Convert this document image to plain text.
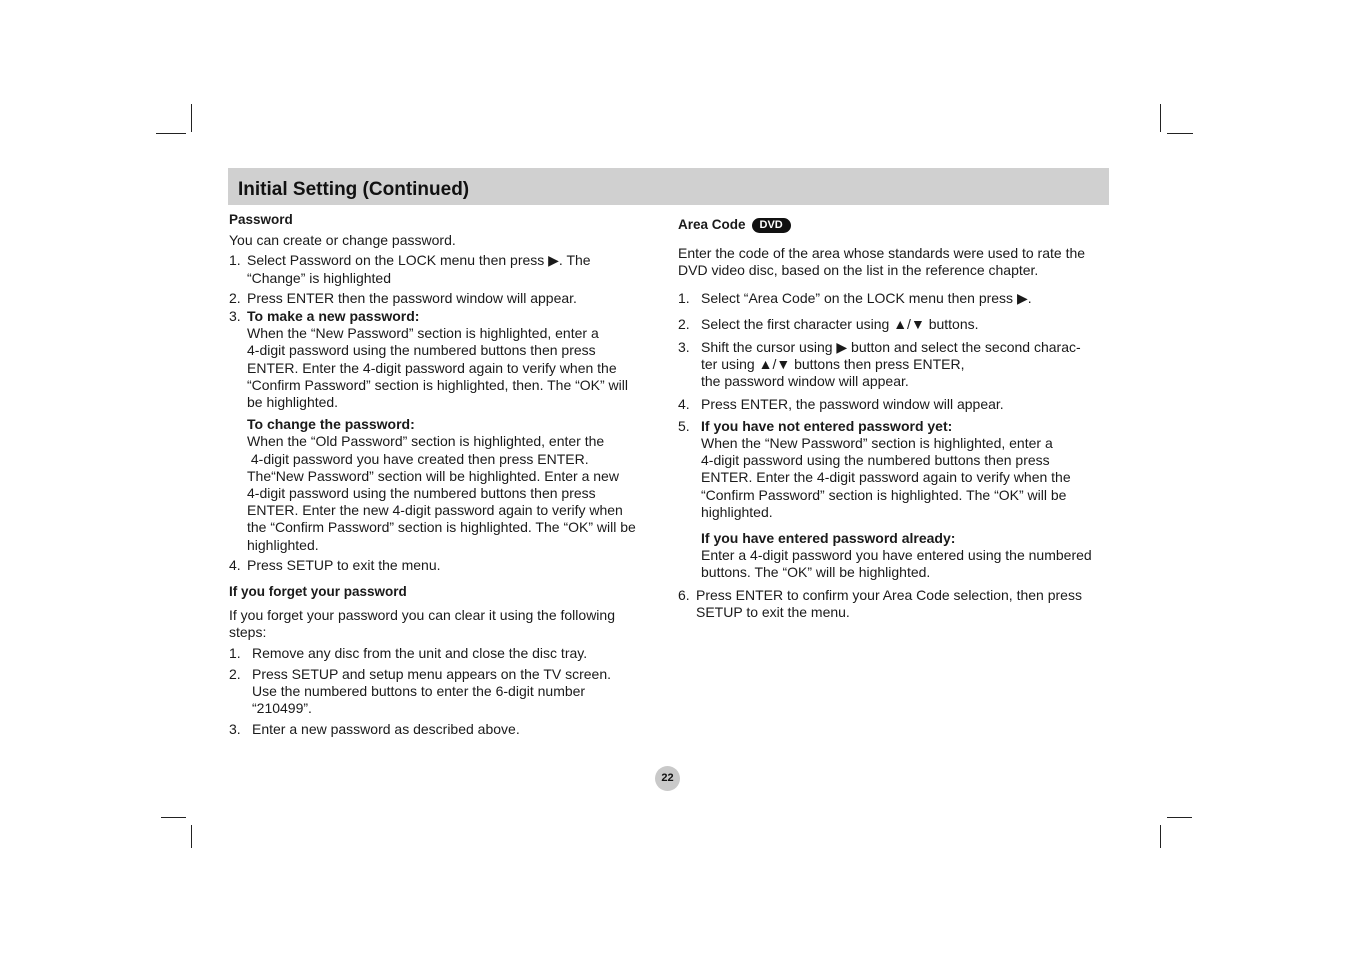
Initial Setting (Continued)
Password

You can create or change password.

1. Select Password on the LOCK menu then press ▶. The
“Change” is highlighted
2. Press ENTER then the password window will appear.
3. To make a new password:
When the “New Password” section is highlighted, enter a
4-digit password using the numbered buttons then press
ENTER. Enter the 4-digit password again to verify when the
“Confirm Password” section is highlighted, then. The “OK” will
be highlighted.
To change the password:
When the “Old Password” section is highlighted, enter the
4-digit password you have created then press ENTER.
The“New Password” section will be highlighted. Enter a new
4-digit password using the numbered buttons then press
ENTER. Enter the new 4-digit password again to verify when
the “Confirm Password” section is highlighted. The “OK” will be
highlighted.
4. Press SETUP to exit the menu.
If you forget your password

If you forget your password you can clear it using the following

steps:

1. Remove any disc from the unit and close the disc tray.
2. Press SETUP and setup menu appears on the TV screen.
Use the numbered buttons to enter the 6-digit number
“210499”.
3. Enter a new password as described above.
Area Code DVD

Enter the code of the area whose standards were used to rate the

DVD video disc, based on the list in the reference chapter.

1. Select “Area Code” on the LOCK menu then press ▶.
2. Select the first character using ▲/▼ buttons.
3. Shift the cursor using ▶ button and select the second charac-
ter using ▲/▼ buttons then press ENTER,
the password window will appear.
4. Press ENTER, the password window will appear.
5. If you have not entered password yet:
When the “New Password” section is highlighted, enter a
4-digit password using the numbered buttons then press
ENTER. Enter the 4-digit password again to verify when the
“Confirm Password” section is highlighted. The “OK” will be
highlighted.
If you have entered password already:
Enter a 4-digit password you have entered using the numbered
buttons. The “OK” will be highlighted.
6. Press ENTER to confirm your Area Code selection, then press
SETUP to exit the menu.
22
